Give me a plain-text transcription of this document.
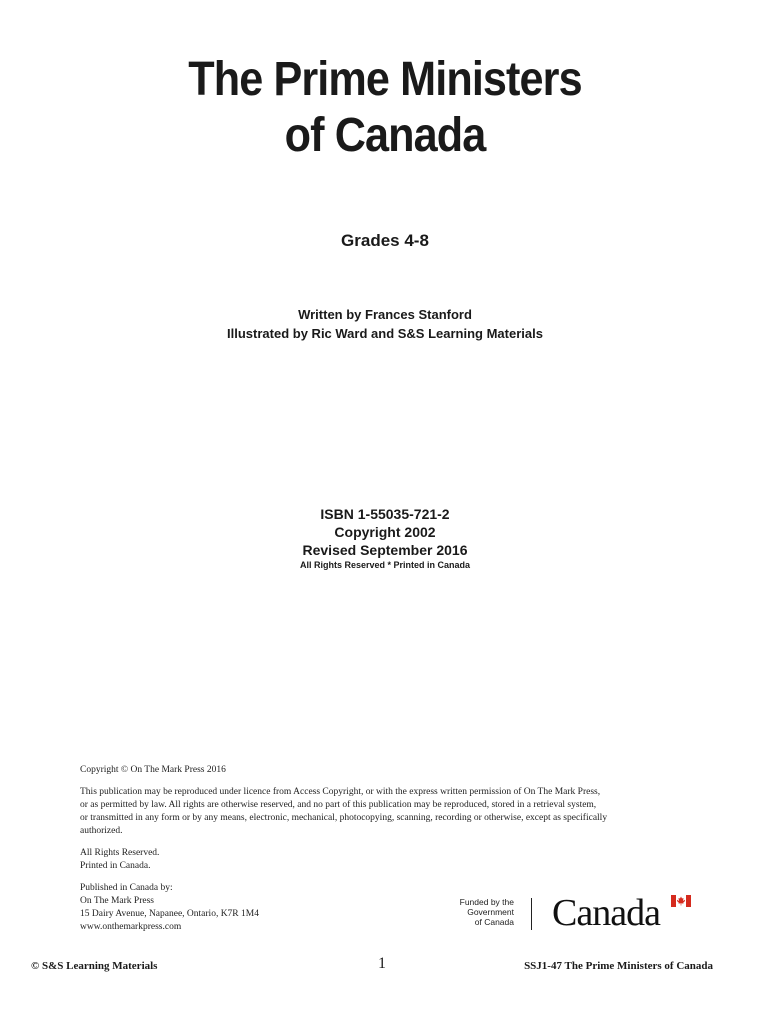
The Prime Ministers
of Canada
Grades 4-8
Written by Frances Stanford
Illustrated by Ric Ward and S&S Learning Materials
ISBN 1-55035-721-2
Copyright 2002
Revised September 2016
All Rights Reserved * Printed in Canada

Copyright © On The Mark Press 2016

This publication may be reproduced under licence from Access Copyright, or with the express written permission of On The Mark Press,
or as permitted by law. All rights are otherwise reserved, and no part of this publication may be reproduced, stored in a retrieval system,
or transmitted in any form or by any means, electronic, mechanical, photocopying, scanning, recording or otherwise, except as specifically
authorized.

All Rights Reserved.
Printed in Canada.

Published in Canada by:
On The Mark Press
15 Dairy Avenue, Napanee, Ontario, K7R 1M4
www.onthemarkpress.com

Funded by the
Government
of Canada Canada
© S&S Learning Materials	1	SSJ1-47 The Prime Ministers of Canada
